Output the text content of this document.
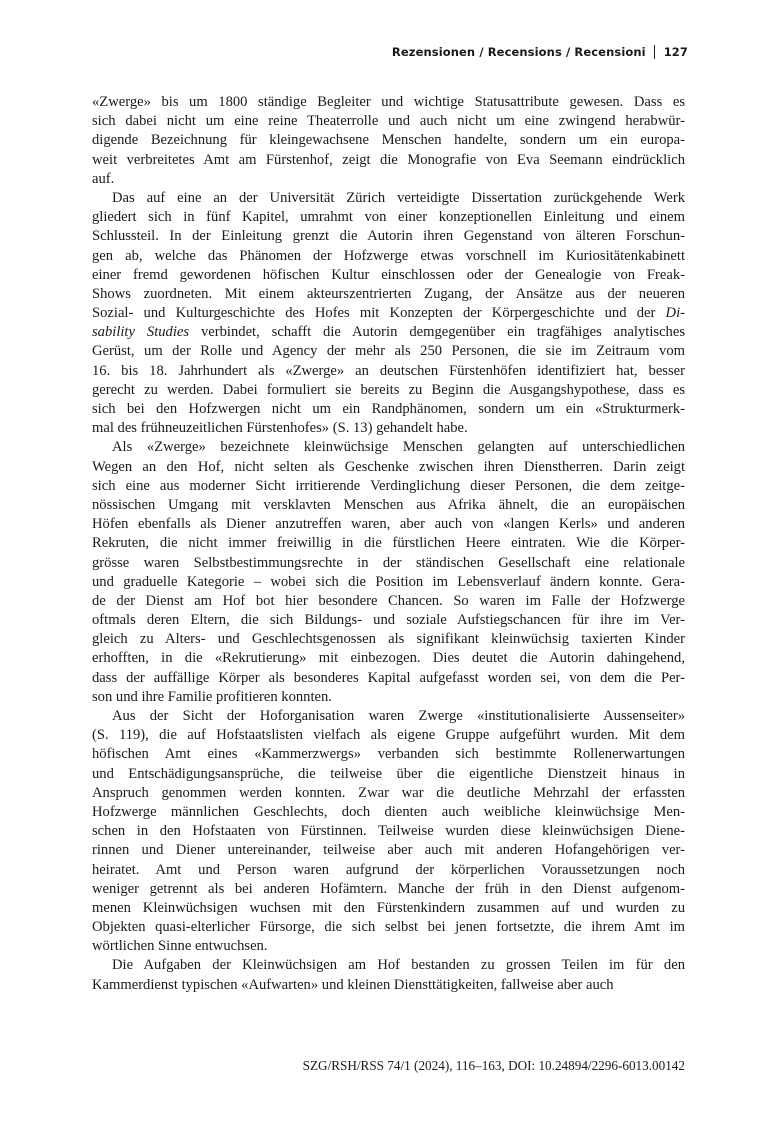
Rezensionen / Recensions / Recensioni 127
«Zwerge» bis um 1800 ständige Begleiter und wichtige Statusattribute gewesen. Dass es
sich dabei nicht um eine reine Theaterrolle und auch nicht um eine zwingend herabwür-
digende Bezeichnung für kleingewachsene Menschen handelte, sondern um ein europa-
weit verbreitetes Amt am Fürstenhof, zeigt die Monografie von Eva Seemann eindrücklich
auf.
Das auf eine an der Universität Zürich verteidigte Dissertation zurückgehende Werk
gliedert sich in fünf Kapitel, umrahmt von einer konzeptionellen Einleitung und einem
Schlussteil. In der Einleitung grenzt die Autorin ihren Gegenstand von älteren Forschun-
gen ab, welche das Phänomen der Hofzwerge etwas vorschnell im Kuriositätenkabinett
einer fremd gewordenen höfischen Kultur einschlossen oder der Genealogie von Freak-
Shows zuordneten. Mit einem akteurszentrierten Zugang, der Ansätze aus der neueren
Sozial- und Kulturgeschichte des Hofes mit Konzepten der Körpergeschichte und der Di-
sability Studies verbindet, schafft die Autorin demgegenüber ein tragfähiges analytisches
Gerüst, um der Rolle und Agency der mehr als 250 Personen, die sie im Zeitraum vom
16. bis 18. Jahrhundert als «Zwerge» an deutschen Fürstenhöfen identifiziert hat, besser
gerecht zu werden. Dabei formuliert sie bereits zu Beginn die Ausgangshypothese, dass es
sich bei den Hofzwergen nicht um ein Randphänomen, sondern um ein «Strukturmerk-
mal des frühneuzeitlichen Fürstenhofes» (S. 13) gehandelt habe.
Als «Zwerge» bezeichnete kleinwüchsige Menschen gelangten auf unterschiedlichen
Wegen an den Hof, nicht selten als Geschenke zwischen ihren Dienstherren. Darin zeigt
sich eine aus moderner Sicht irritierende Verdinglichung dieser Personen, die dem zeitge-
nössischen Umgang mit versklavten Menschen aus Afrika ähnelt, die an europäischen
Höfen ebenfalls als Diener anzutreffen waren, aber auch von «langen Kerls» und anderen
Rekruten, die nicht immer freiwillig in die fürstlichen Heere eintraten. Wie die Körper-
grösse waren Selbstbestimmungsrechte in der ständischen Gesellschaft eine relationale
und graduelle Kategorie – wobei sich die Position im Lebensverlauf ändern konnte. Gera-
de der Dienst am Hof bot hier besondere Chancen. So waren im Falle der Hofzwerge
oftmals deren Eltern, die sich Bildungs- und soziale Aufstiegschancen für ihre im Ver-
gleich zu Alters- und Geschlechtsgenossen als signifikant kleinwüchsig taxierten Kinder
erhofften, in die «Rekrutierung» mit einbezogen. Dies deutet die Autorin dahingehend,
dass der auffällige Körper als besonderes Kapital aufgefasst worden sei, von dem die Per-
son und ihre Familie profitieren konnten.
Aus der Sicht der Hoforganisation waren Zwerge «institutionalisierte Aussenseiter»
(S. 119), die auf Hofstaatslisten vielfach als eigene Gruppe aufgeführt wurden. Mit dem
höfischen Amt eines «Kammerzwergs» verbanden sich bestimmte Rollenerwartungen
und Entschädigungsansprüche, die teilweise über die eigentliche Dienstzeit hinaus in
Anspruch genommen werden konnten. Zwar war die deutliche Mehrzahl der erfassten
Hofzwerge männlichen Geschlechts, doch dienten auch weibliche kleinwüchsige Men-
schen in den Hofstaaten von Fürstinnen. Teilweise wurden diese kleinwüchsigen Diene-
rinnen und Diener untereinander, teilweise aber auch mit anderen Hofangehörigen ver-
heiratet. Amt und Person waren aufgrund der körperlichen Voraussetzungen noch
weniger getrennt als bei anderen Hofämtern. Manche der früh in den Dienst aufgenom-
menen Kleinwüchsigen wuchsen mit den Fürstenkindern zusammen auf und wurden zu
Objekten quasi-elterlicher Fürsorge, die sich selbst bei jenen fortsetzte, die ihrem Amt im
wörtlichen Sinne entwuchsen.
Die Aufgaben der Kleinwüchsigen am Hof bestanden zu grossen Teilen im für den
Kammerdienst typischen «Aufwarten» und kleinen Diensttätigkeiten, fallweise aber auch
SZG/RSH/RSS 74/1 (2024), 116–163, DOI: 10.24894/2296-6013.00142
